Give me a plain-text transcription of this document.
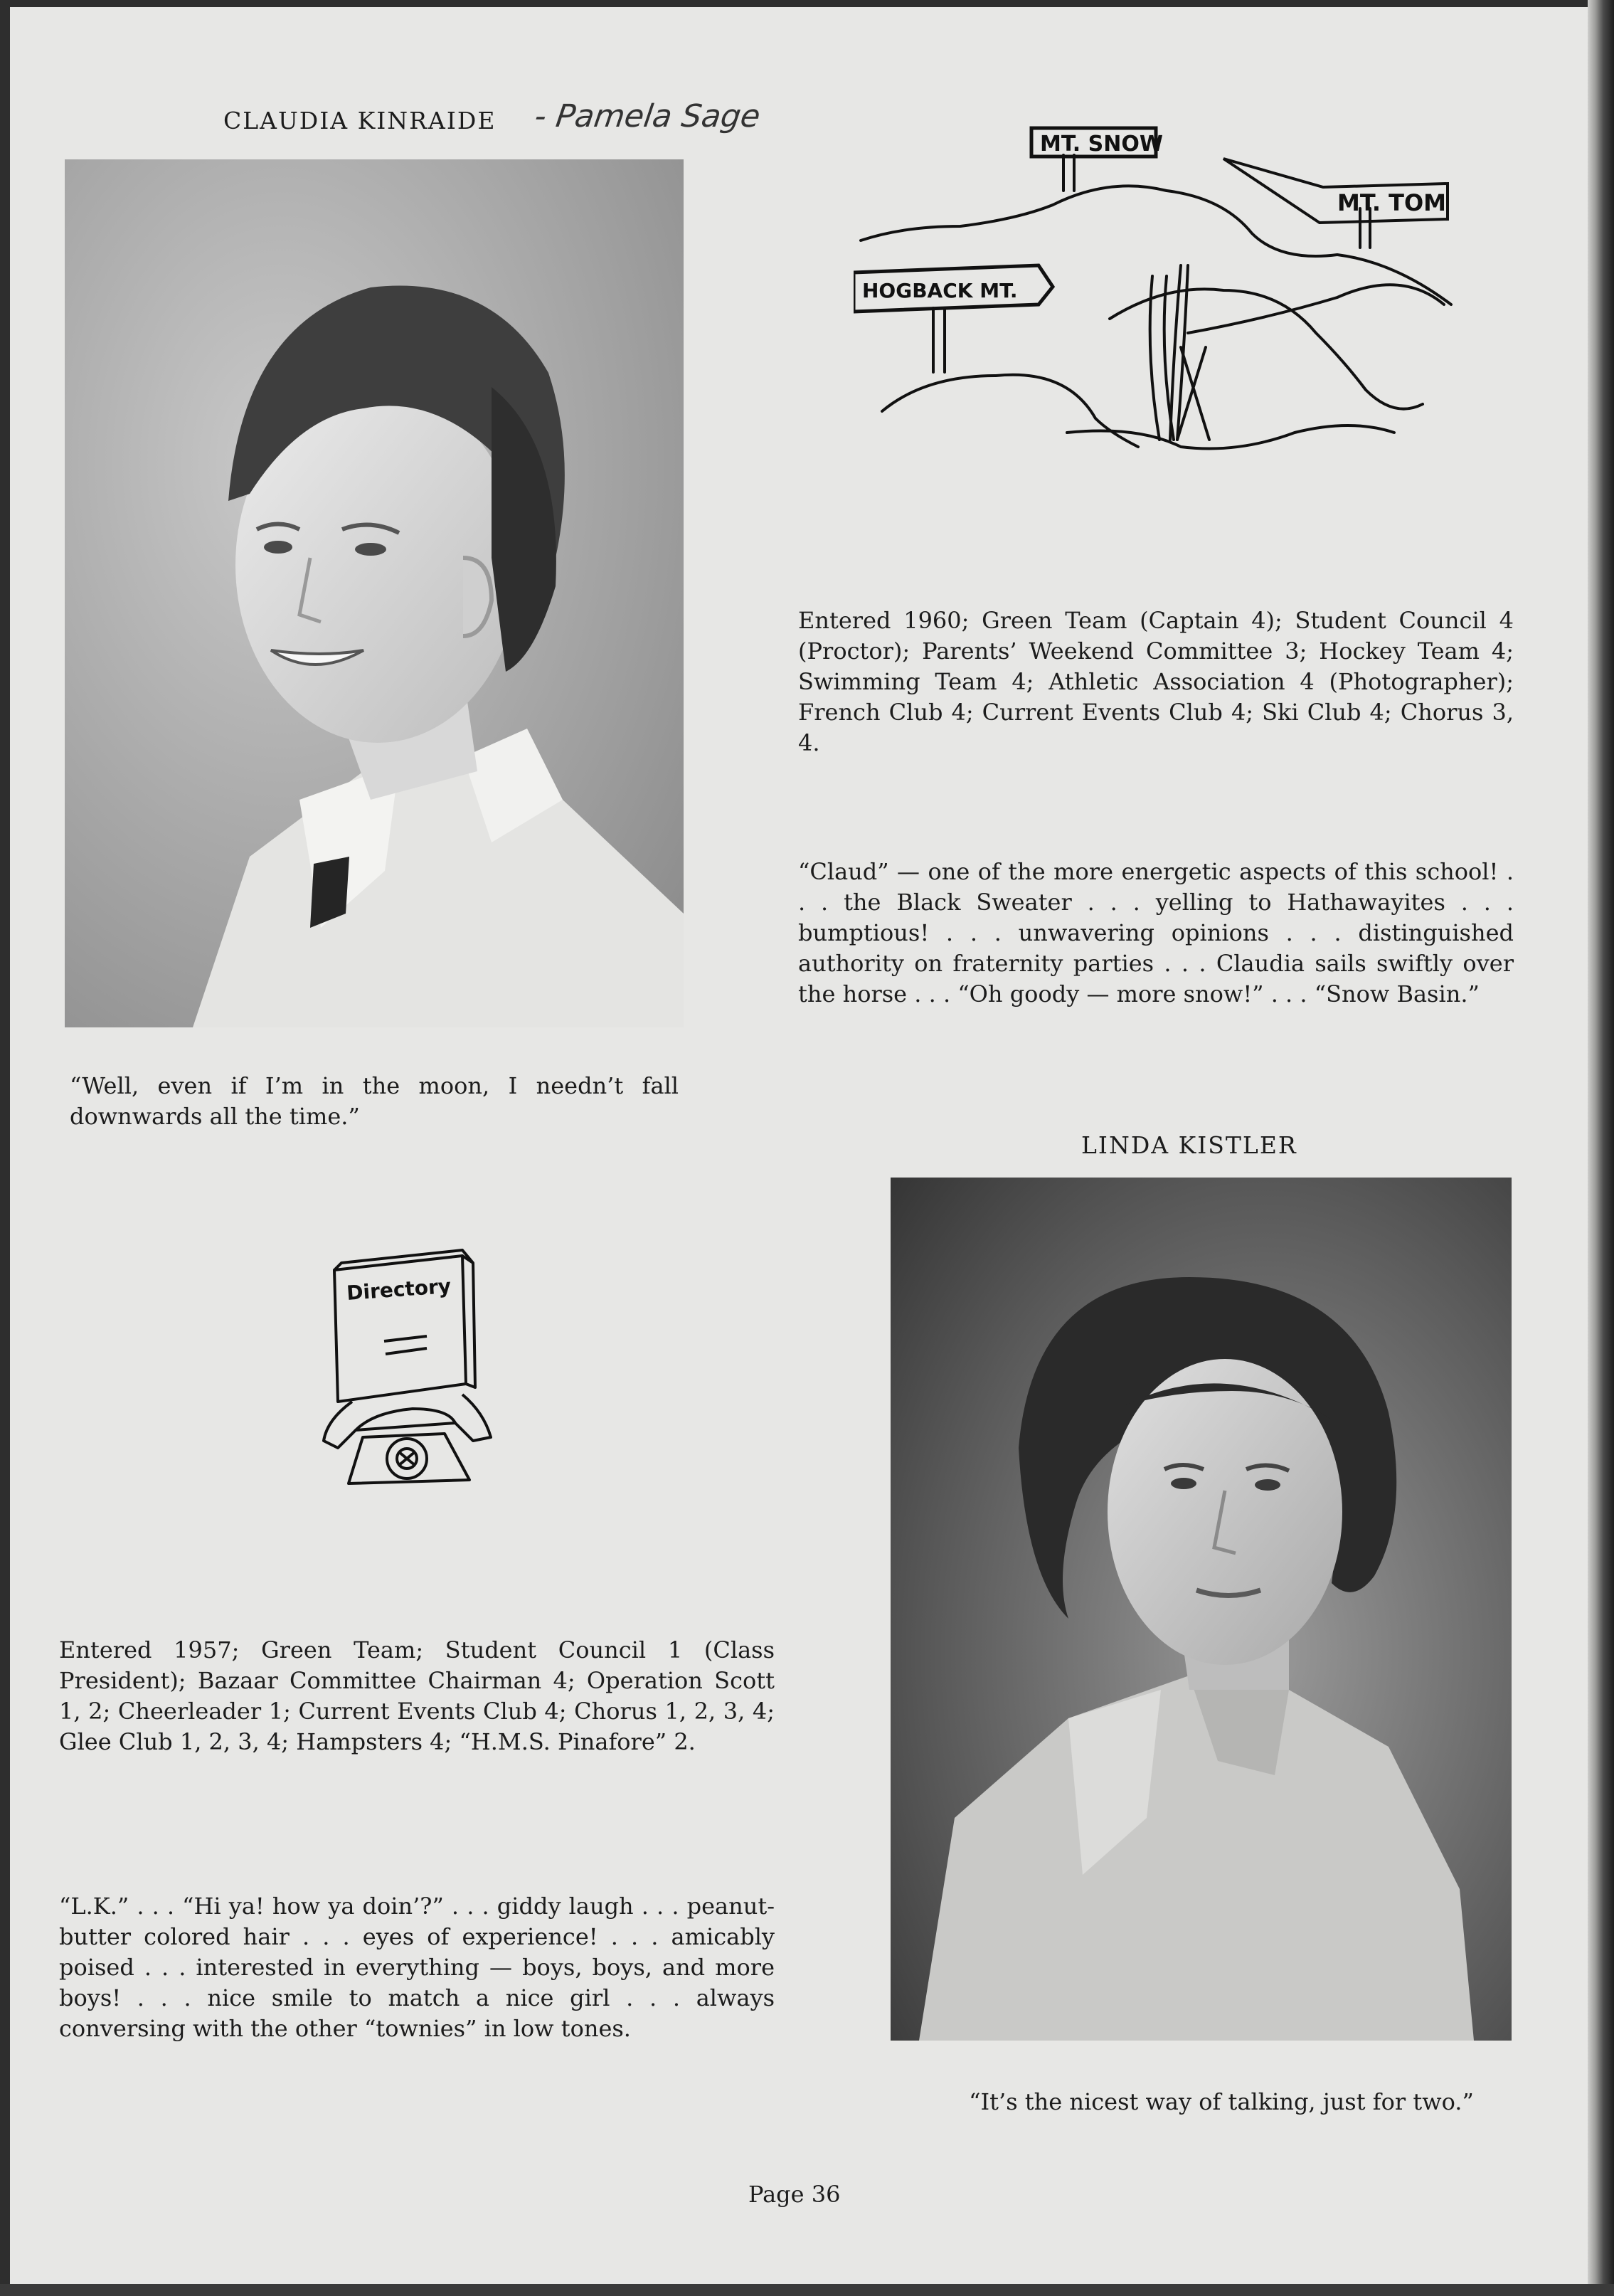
CLAUDIA KINRAIDE - Pamela Sage
“Well, even if I’m in the moon, I needn’t fall downwards all the time.”
MT. SNOW
MT. TOM
HOGBACK MT.
Entered 1960; Green Team (Captain 4); Student Council 4 (Proctor); Parents’ Weekend Committee 3; Hockey Team 4; Swimming Team 4; Athletic Association 4 (Photographer); French Club 4; Current Events Club 4; Ski Club 4; Chorus 3, 4.
“Claud” — one of the more energetic aspects of this school! . . . the Black Sweater . . . yelling to Hathawayites . . . bumptious! . . . unwavering opinions . . . distinguished authority on fraternity parties . . . Claudia sails swiftly over the horse . . . “Oh goody — more snow!” . . . “Snow Basin.”
LINDA KISTLER
“It’s the nicest way of talking, just for two.”
Directory
Entered 1957; Green Team; Student Council 1 (Class President); Bazaar Committee Chairman 4; Operation Scott 1, 2; Cheerleader 1; Current Events Club 4; Chorus 1, 2, 3, 4; Glee Club 1, 2, 3, 4; Hampsters 4; “H.M.S. Pinafore” 2.
“L.K.” . . . “Hi ya! how ya doin’?” . . . giddy laugh . . . peanut-butter colored hair . . . eyes of experience! . . . amicably poised . . . interested in everything — boys, boys, and more boys! . . . nice smile to match a nice girl . . . always conversing with the other “townies” in low tones.
Page 36
